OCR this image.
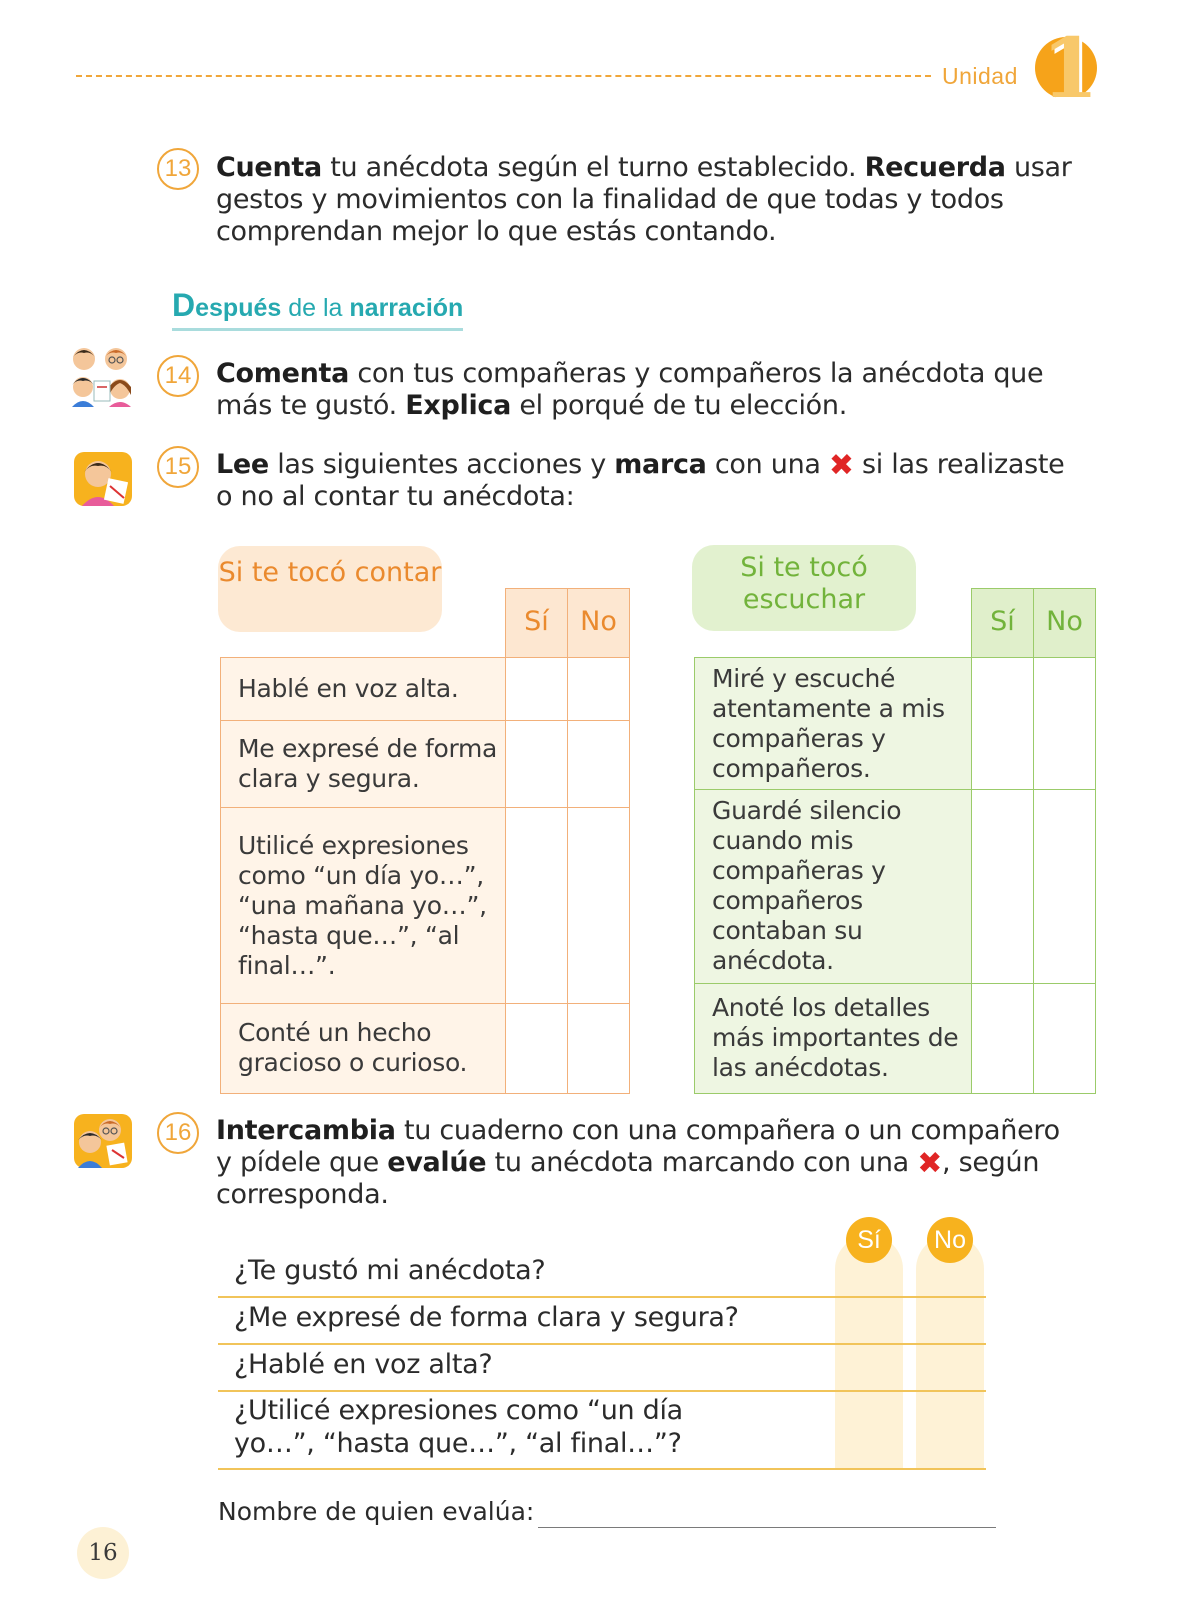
Unidad 1
13 Cuenta tu anécdota según el turno establecido. Recuerda usar gestos y movimientos con la finalidad de que todas y todos comprendan mejor lo que estás contando.
Después de la narración
14 Comenta con tus compañeras y compañeros la anécdota que más te gustó. Explica el porqué de tu elección.
15 Lee las siguientes acciones y marca con una ✖ si las realizaste o no al contar tu anécdota:
Si te tocó contar
Sí	No
Hablé en voz alta.
Me expresé de forma clara y segura.
Utilicé expresiones como “un día yo…”, “una mañana yo…”, “hasta que…”, “al final…”.
Conté un hecho gracioso o curioso.
Si te tocó escuchar
Sí	No
Miré y escuché atentamente a mis compañeras y compañeros.
Guardé silencio cuando mis compañeras y compañeros contaban su anécdota.
Anoté los detalles más importantes de las anécdotas.
16 Intercambia tu cuaderno con una compañera o un compañero y pídele que evalúe tu anécdota marcando con una ✖, según corresponda.
Sí	No
¿Te gustó mi anécdota?
¿Me expresé de forma clara y segura?
¿Hablé en voz alta?
¿Utilicé expresiones como “un día yo…”, “hasta que…”, “al final…”?
Nombre de quien evalúa:
16
